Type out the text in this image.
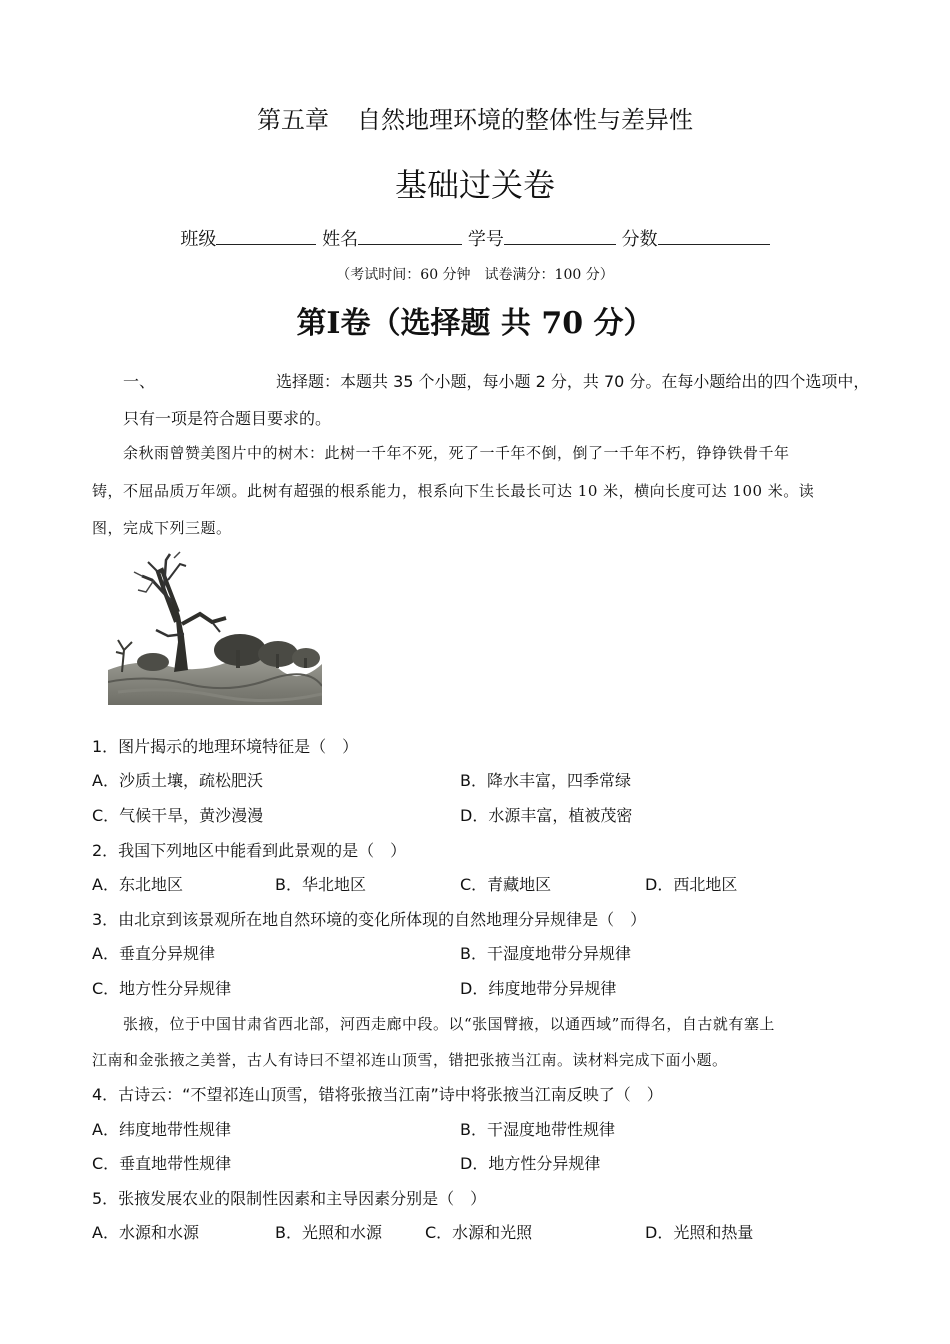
第五章 自然地理环境的整体性与差异性
基础过关卷
班级	姓名	学号	分数
（考试时间：60 分钟　试卷满分：100 分）
第I卷（选择题 共 70 分）
一、	选择题：本题共 35 个小题，每小题 2 分，共 70 分。在每小题给出的四个选项中，
只有一项是符合题目要求的。
余秋雨曾赞美图片中的树木：此树一千年不死，死了一千年不倒，倒了一千年不朽，铮铮铁骨千年
铸，不屈品质万年颂。此树有超强的根系能力，根系向下生长最长可达 10 米，横向长度可达 100 米。读
图，完成下列三题。
1．图片揭示的地理环境特征是（　）
A．沙质土壤，疏松肥沃	B．降水丰富，四季常绿
C．气候干旱，黄沙漫漫	D．水源丰富，植被茂密
2．我国下列地区中能看到此景观的是（　）
A．东北地区	B．华北地区	C．青藏地区	D．西北地区
3．由北京到该景观所在地自然环境的变化所体现的自然地理分异规律是（　）
A．垂直分异规律	B．干湿度地带分异规律
C．地方性分异规律	D．纬度地带分异规律
张掖，位于中国甘肃省西北部，河西走廊中段。以“张国臂掖，以通西域”而得名，自古就有塞上
江南和金张掖之美誉，古人有诗曰不望祁连山顶雪，错把张掖当江南。读材料完成下面小题。
4．古诗云：“不望祁连山顶雪，错将张掖当江南”诗中将张掖当江南反映了（　）
A．纬度地带性规律	B．干湿度地带性规律
C．垂直地带性规律	D．地方性分异规律
5．张掖发展农业的限制性因素和主导因素分别是（　）
A．水源和水源	B．光照和水源	C．水源和光照	D．光照和热量
